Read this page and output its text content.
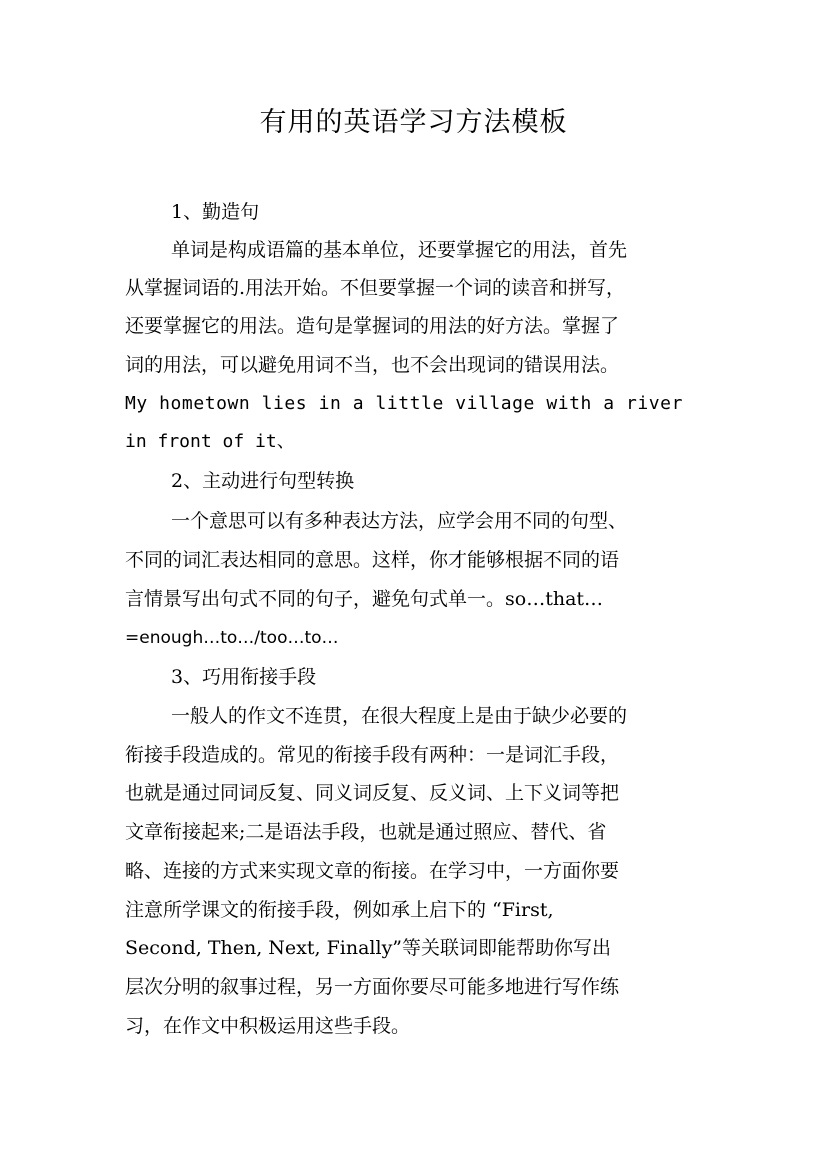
有用的英语学习方法模板
1、勤造句
单词是构成语篇的基本单位，还要掌握它的用法，首先
从掌握词语的.用法开始。不但要掌握一个词的读音和拼写，
还要掌握它的用法。造句是掌握词的用法的好方法。掌握了
词的用法，可以避免用词不当，也不会出现词的错误用法。
My hometown lies in a little village with a river
in front of it、
2、主动进行句型转换
一个意思可以有多种表达方法，应学会用不同的句型、
不同的词汇表达相同的意思。这样，你才能够根据不同的语
言情景写出句式不同的句子，避免句式单一。so…that…
=enough…to…/too…to…
3、巧用衔接手段
一般人的作文不连贯，在很大程度上是由于缺少必要的
衔接手段造成的。常见的衔接手段有两种：一是词汇手段，
也就是通过同词反复、同义词反复、反义词、上下义词等把
文章衔接起来;二是语法手段，也就是通过照应、替代、省
略、连接的方式来实现文章的衔接。在学习中，一方面你要
注意所学课文的衔接手段，例如承上启下的 “First,
Second, Then, Next, Finally”等关联词即能帮助你写出
层次分明的叙事过程，另一方面你要尽可能多地进行写作练
习，在作文中积极运用这些手段。
